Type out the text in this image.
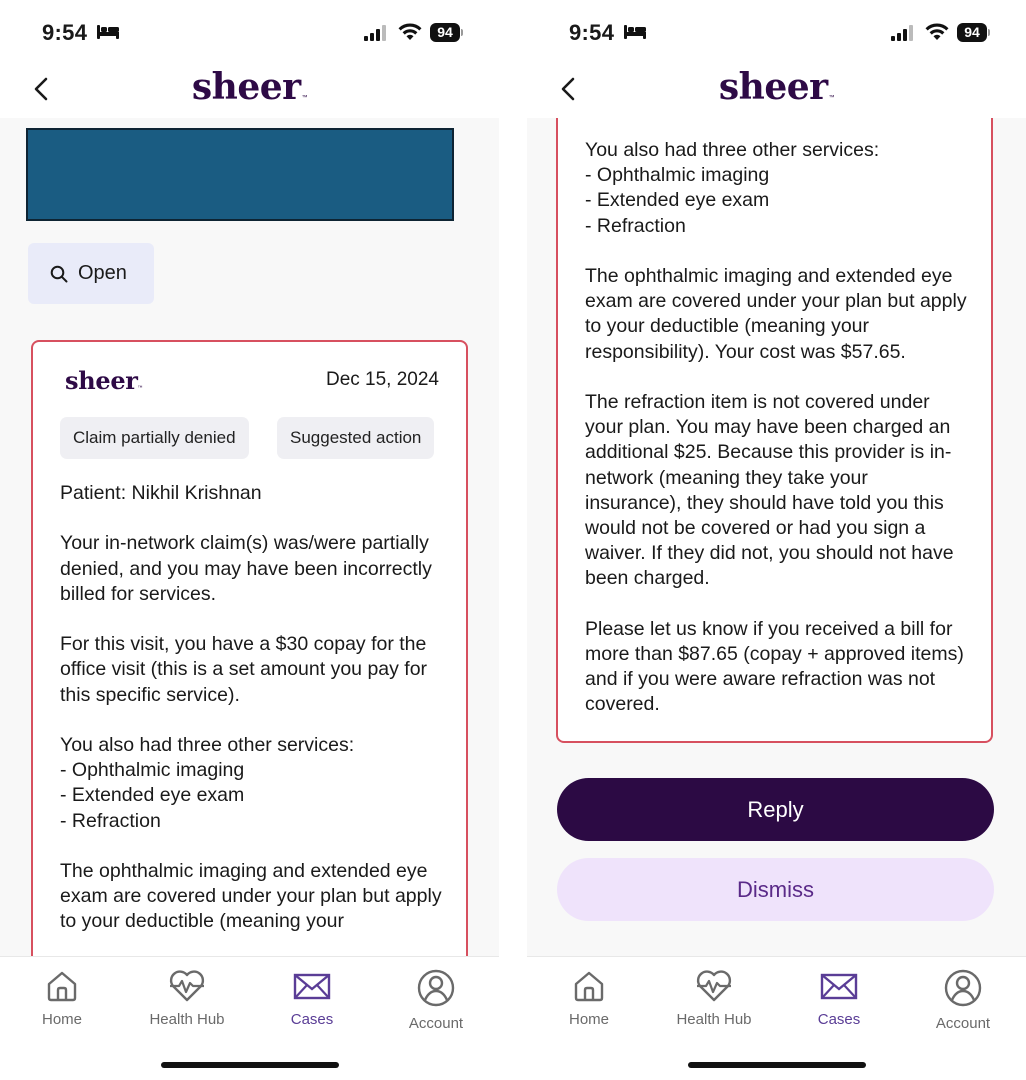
9:54	94
sheer™
Open
sheer™	Dec 15, 2024
Claim partially denied	Suggested action
Patient: Nikhil Krishnan

Your in-network claim(s) was/were partially denied, and you may have been incorrectly billed for services.

For this visit, you have a $30 copay for the office visit (this is a set amount you pay for this specific service).

You also had three other services:
- Ophthalmic imaging
- Extended eye exam
- Refraction

The ophthalmic imaging and extended eye exam are covered under your plan but apply to your deductible (meaning your
Home	Health Hub	Cases	Account
9:54	94
sheer™
You also had three other services:
- Ophthalmic imaging
- Extended eye exam
- Refraction

The ophthalmic imaging and extended eye exam are covered under your plan but apply to your deductible (meaning your responsibility). Your cost was $57.65.

The refraction item is not covered under your plan. You may have been charged an additional $25. Because this provider is in-network (meaning they take your insurance), they should have told you this would not be covered or had you sign a waiver. If they did not, you should not have been charged.

Please let us know if you received a bill for more than $87.65 (copay + approved items) and if you were aware refraction was not covered.
Reply
Dismiss
Home	Health Hub	Cases	Account
